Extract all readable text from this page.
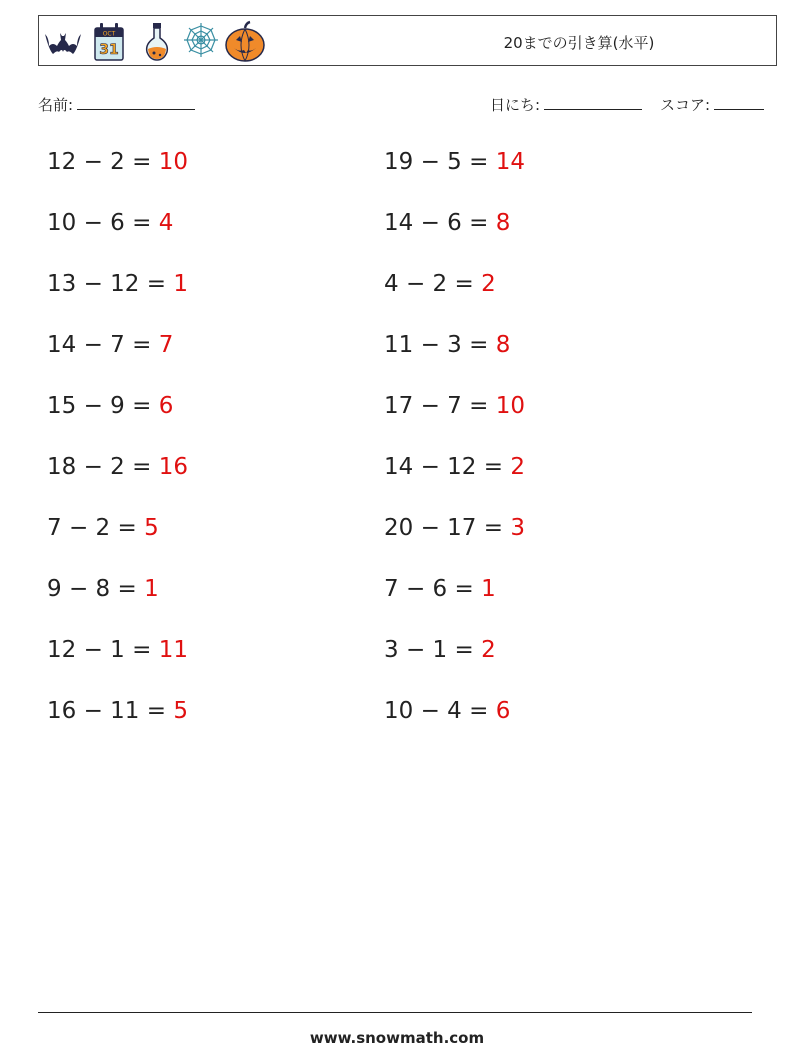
OCT
31	20までの引き算(水平)
名前:	日にち:	スコア:
12 − 2 = 10
10 − 6 = 4
13 − 12 = 1
14 − 7 = 7
15 − 9 = 6
18 − 2 = 16
7 − 2 = 5
9 − 8 = 1
12 − 1 = 11
16 − 11 = 5
19 − 5 = 14
14 − 6 = 8
4 − 2 = 2
11 − 3 = 8
17 − 7 = 10
14 − 12 = 2
20 − 17 = 3
7 − 6 = 1
3 − 1 = 2
10 − 4 = 6
www.snowmath.com
